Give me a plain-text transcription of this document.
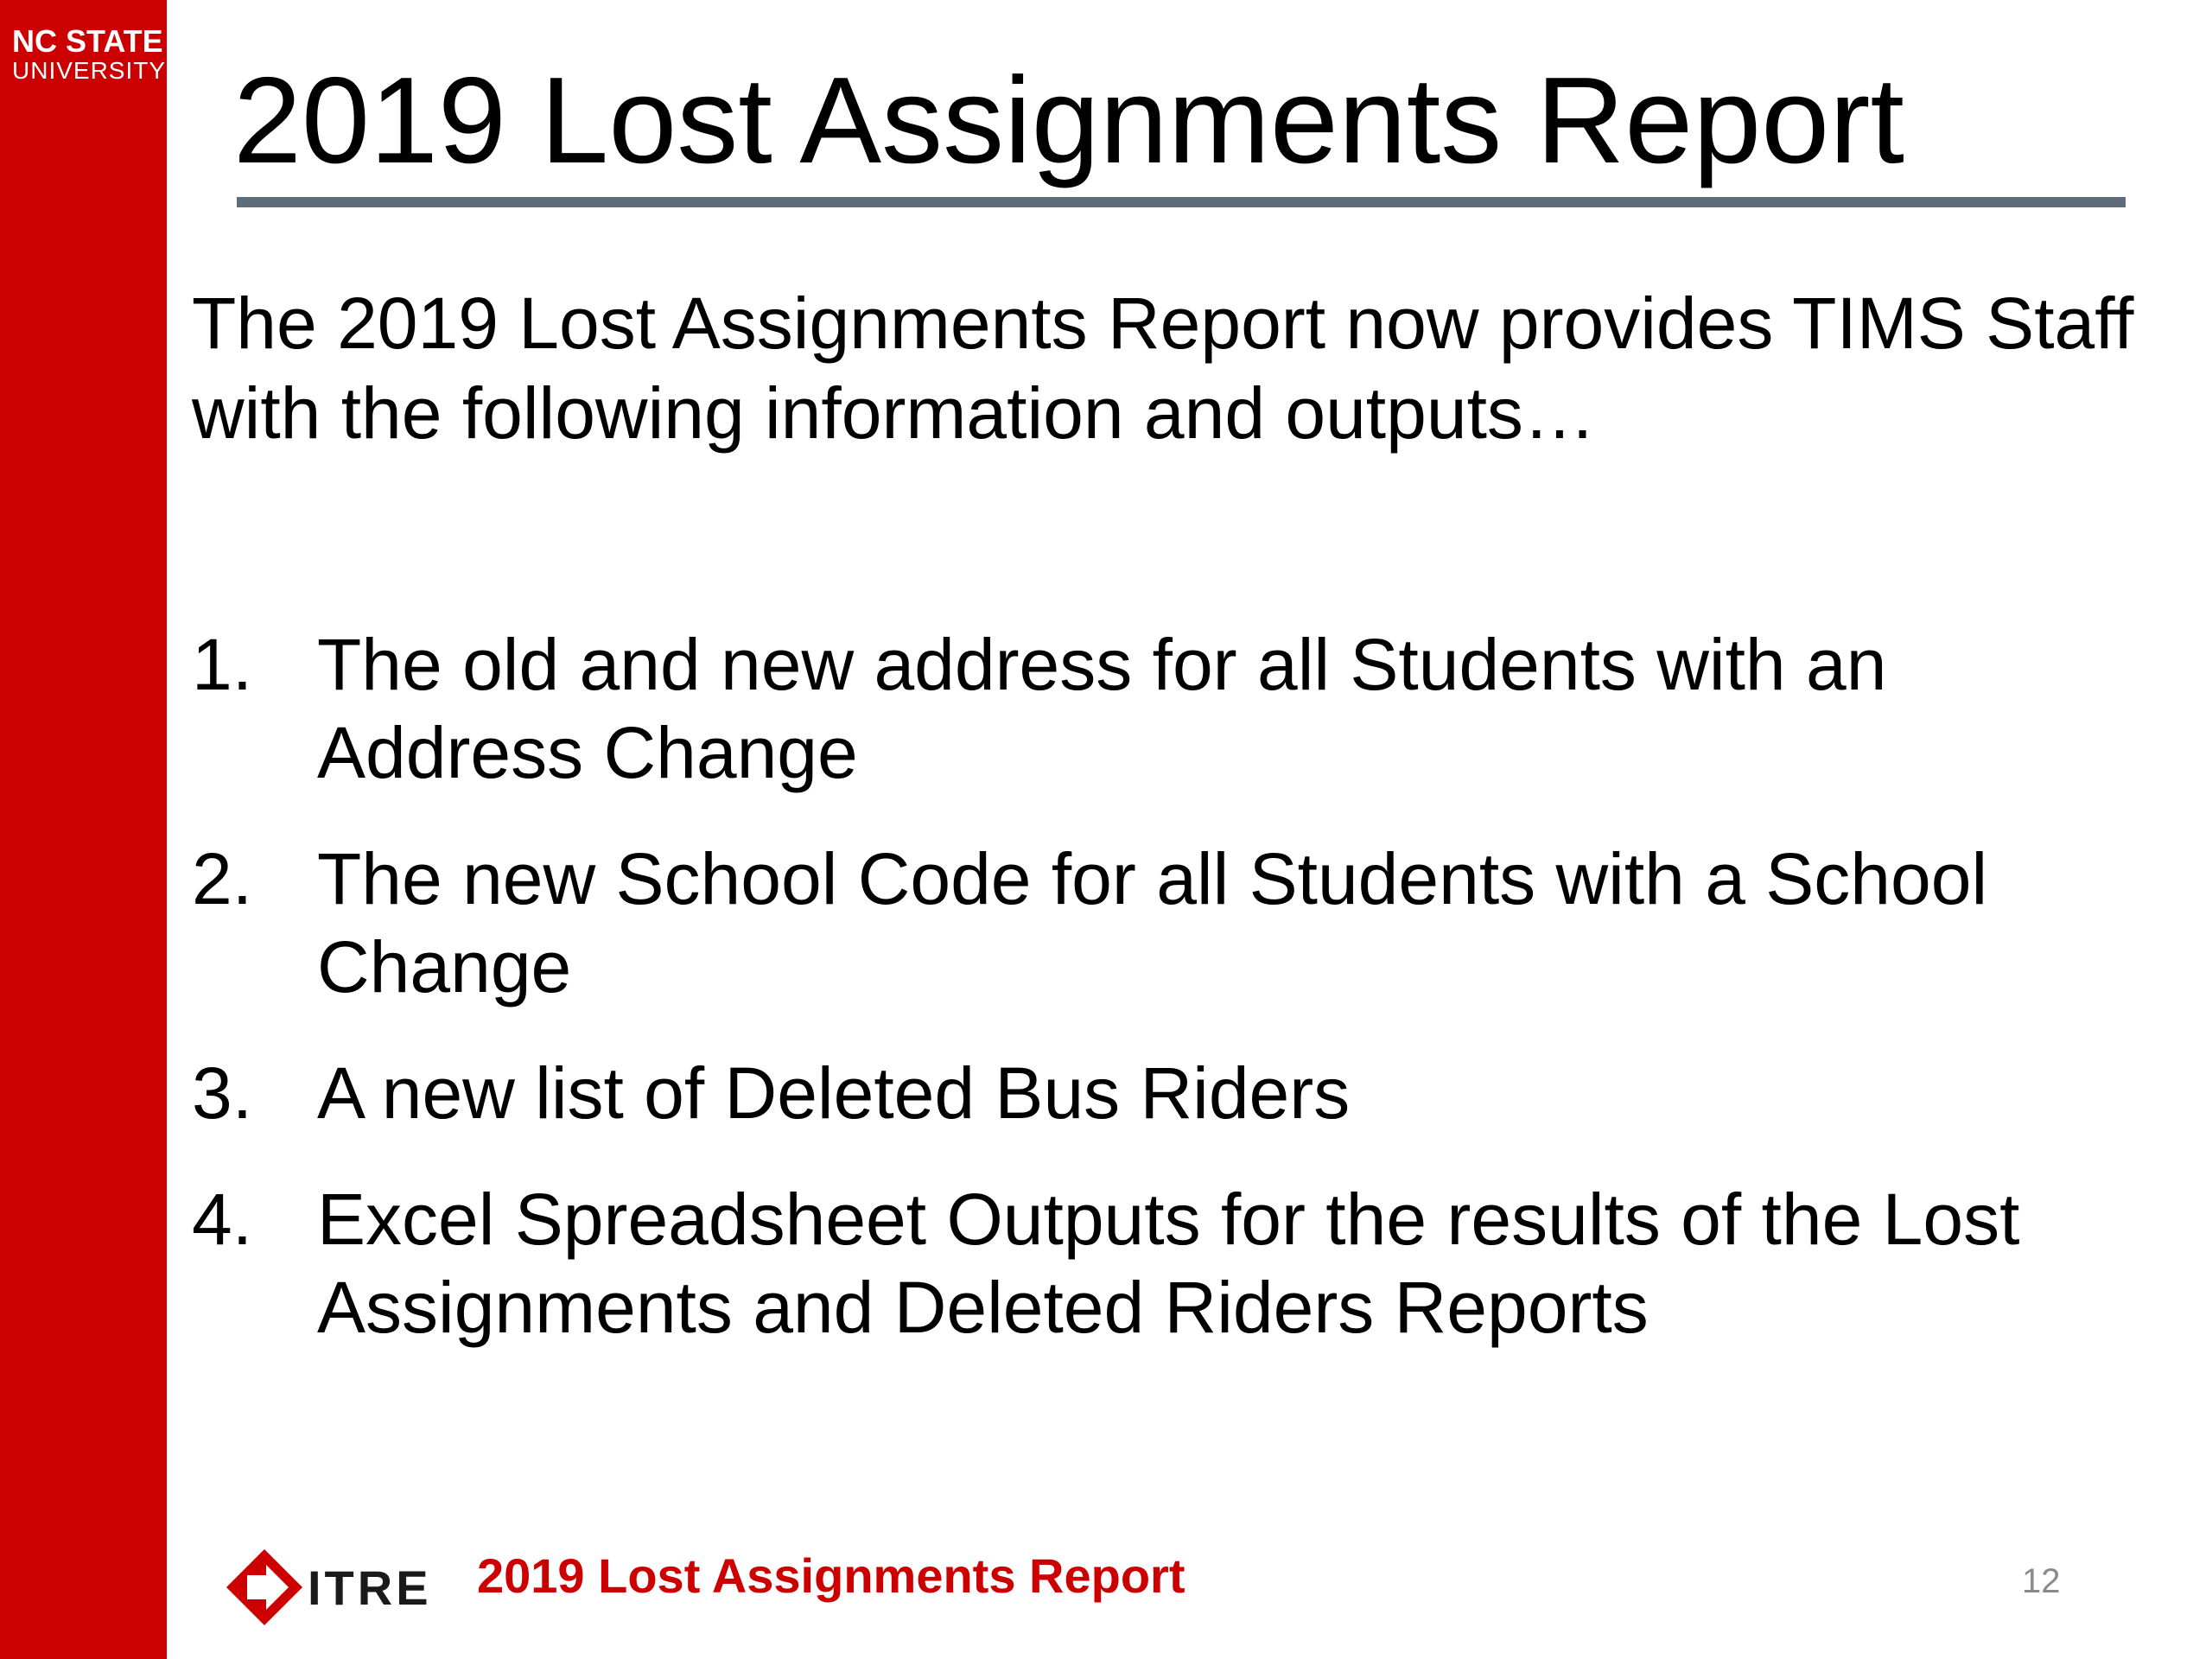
NC STATE
UNIVERSITY 2019 Lost Assignments Report

The 2019 Lost Assignments Report now provides TIMS Staff with the following information and outputs…

1. The old and new address for all Students with an Address Change
2. The new School Code for all Students with a School Change
3. A new list of Deleted Bus Riders
4. Excel Spreadsheet Outputs for the results of the Lost Assignments and Deleted Riders Reports
ITRE 2019 Lost Assignments Report	12
